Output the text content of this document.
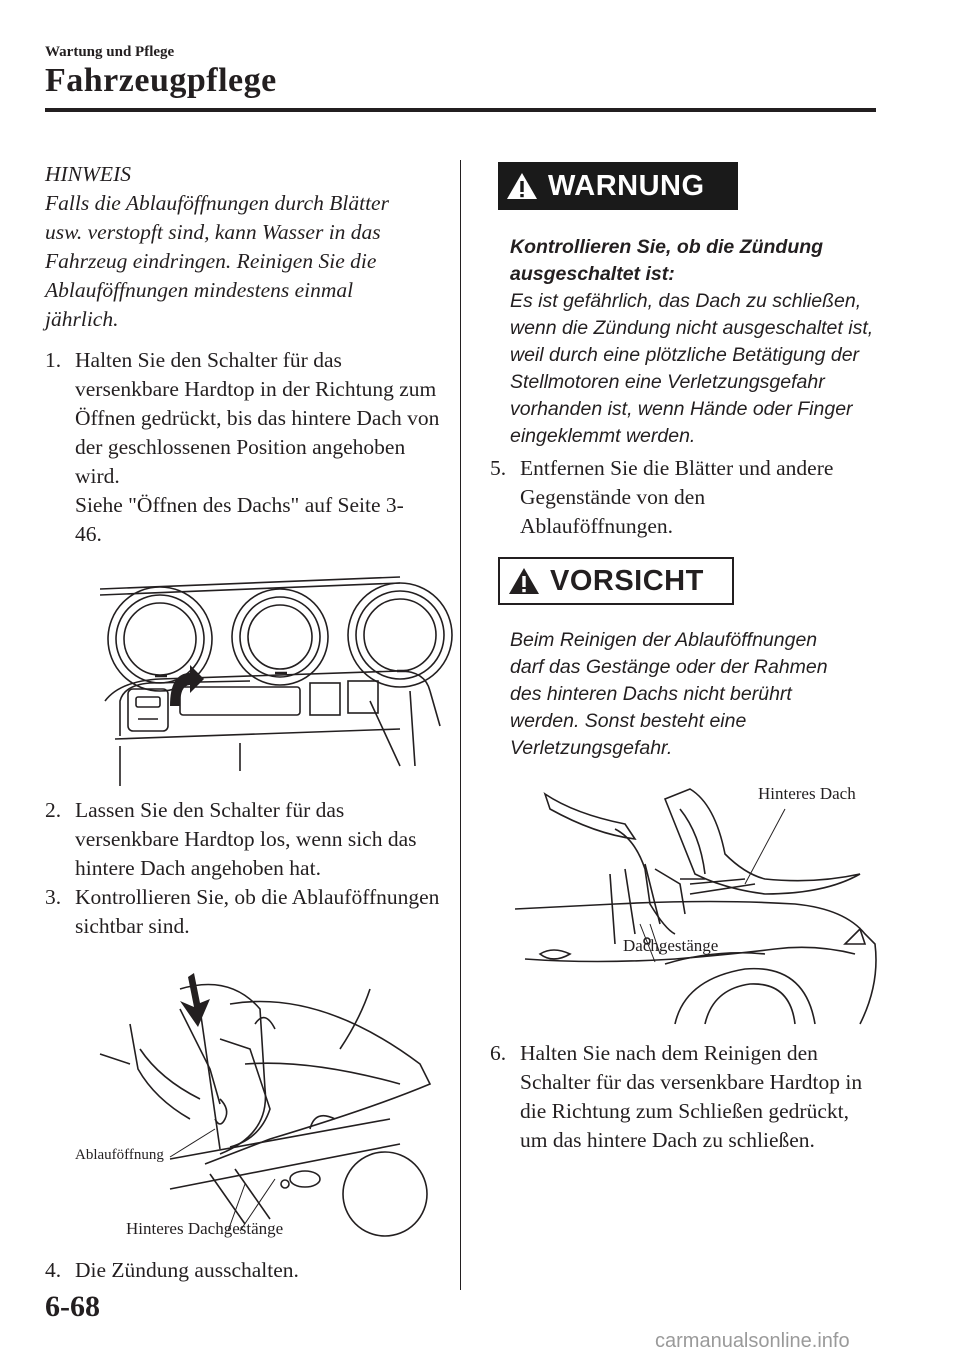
Wartung und Pflege
Fahrzeugpflege
HINWEIS
Falls die Ablauföffnungen durch Blätter usw. verstopft sind, kann Wasser in das Fahrzeug eindringen. Reinigen Sie die Ablauföffnungen mindestens einmal jährlich.
1. Halten Sie den Schalter für das versenkbare Hardtop in der Richtung zum Öffnen gedrückt, bis das hintere Dach von der geschlossenen Position angehoben wird.
Siehe "Öffnen des Dachs" auf Seite 3-46.
2. Lassen Sie den Schalter für das versenkbare Hardtop los, wenn sich das hintere Dach angehoben hat.
3. Kontrollieren Sie, ob die Ablauföffnungen sichtbar sind.
Ablauföffnung
Hinteres Dachgestänge
4. Die Zündung ausschalten.
WARNUNG
Kontrollieren Sie, ob die Zündung ausgeschaltet ist:
Es ist gefährlich, das Dach zu schließen, wenn die Zündung nicht ausgeschaltet ist, weil durch eine plötzliche Betätigung der Stellmotoren eine Verletzungsgefahr vorhanden ist, wenn Hände oder Finger eingeklemmt werden.
5. Entfernen Sie die Blätter und andere Gegenstände von den Ablauföffnungen.
VORSICHT
Beim Reinigen der Ablauföffnungen darf das Gestänge oder der Rahmen des hinteren Dachs nicht berührt werden. Sonst besteht eine Verletzungsgefahr.
Hinteres Dach
Dachgestänge
6. Halten Sie nach dem Reinigen den Schalter für das versenkbare Hardtop in die Richtung zum Schließen gedrückt, um das hintere Dach zu schließen.
6-68
carmanualsonline.info
